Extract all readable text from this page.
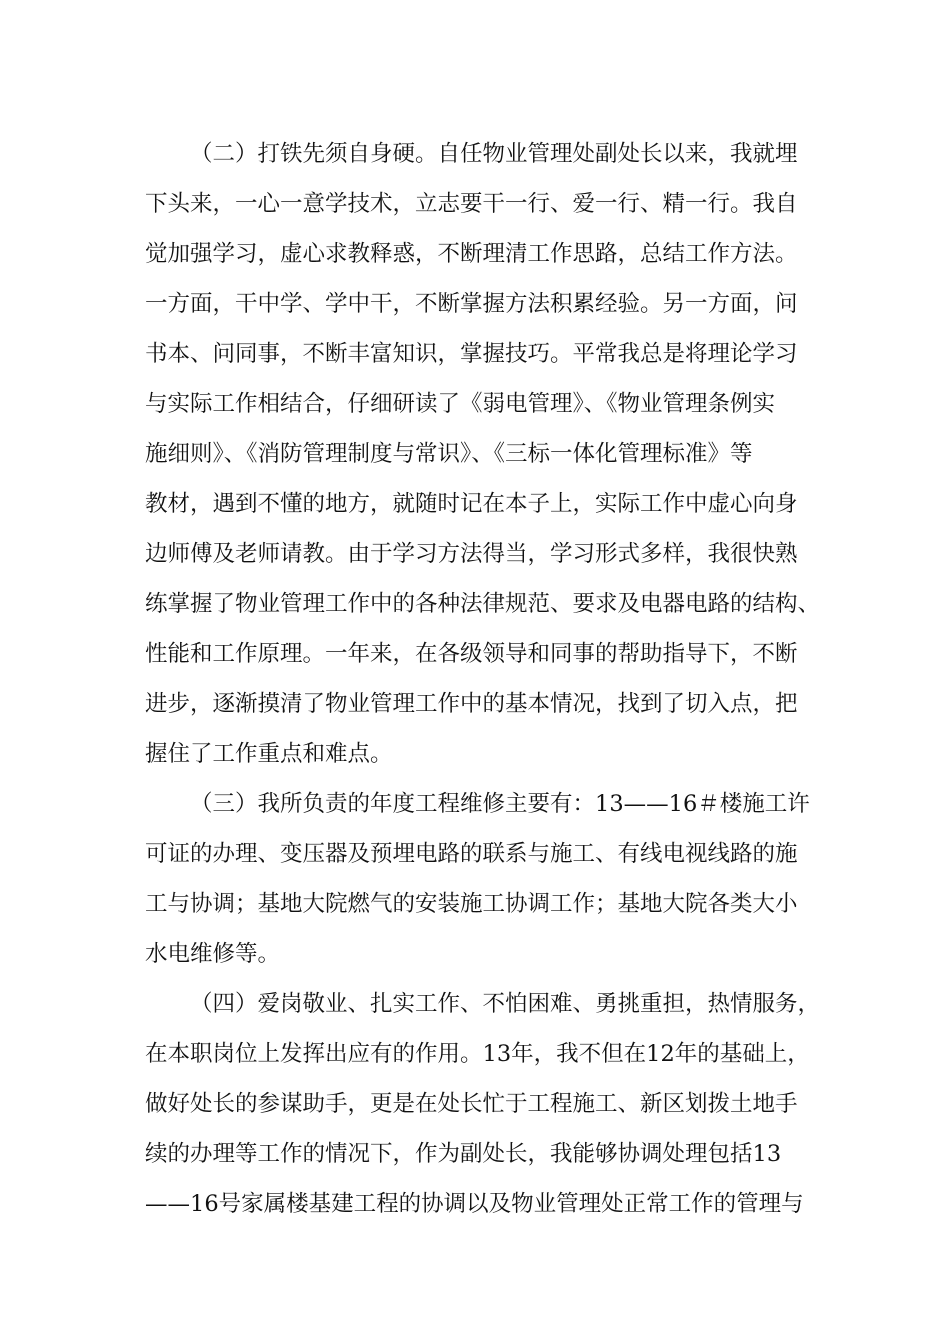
（二）打铁先须自身硬。自任物业管理处副处长以来，我就埋
下头来，一心一意学技术，立志要干一行、爱一行、精一行。我自
觉加强学习，虚心求教释惑，不断理清工作思路，总结工作方法。
一方面，干中学、学中干，不断掌握方法积累经验。另一方面，问
书本、问同事，不断丰富知识，掌握技巧。平常我总是将理论学习
与实际工作相结合，仔细研读了《弱电管理》、《物业管理条例实
施细则》、《消防管理制度与常识》、《三标一体化管理标准》等
教材，遇到不懂的地方，就随时记在本子上，实际工作中虚心向身
边师傅及老师请教。由于学习方法得当，学习形式多样，我很快熟
练掌握了物业管理工作中的各种法律规范、要求及电器电路的结构、
性能和工作原理。一年来，在各级领导和同事的帮助指导下，不断
进步，逐渐摸清了物业管理工作中的基本情况，找到了切入点，把
握住了工作重点和难点。
（三）我所负责的年度工程维修主要有：13——16＃楼施工许
可证的办理、变压器及预埋电路的联系与施工、有线电视线路的施
工与协调；基地大院燃气的安装施工协调工作；基地大院各类大小
水电维修等。
（四）爱岗敬业、扎实工作、不怕困难、勇挑重担，热情服务，
在本职岗位上发挥出应有的作用。13年，我不但在12年的基础上，
做好处长的参谋助手，更是在处长忙于工程施工、新区划拨土地手
续的办理等工作的情况下，作为副处长，我能够协调处理包括13
——16号家属楼基建工程的协调以及物业管理处正常工作的管理与
